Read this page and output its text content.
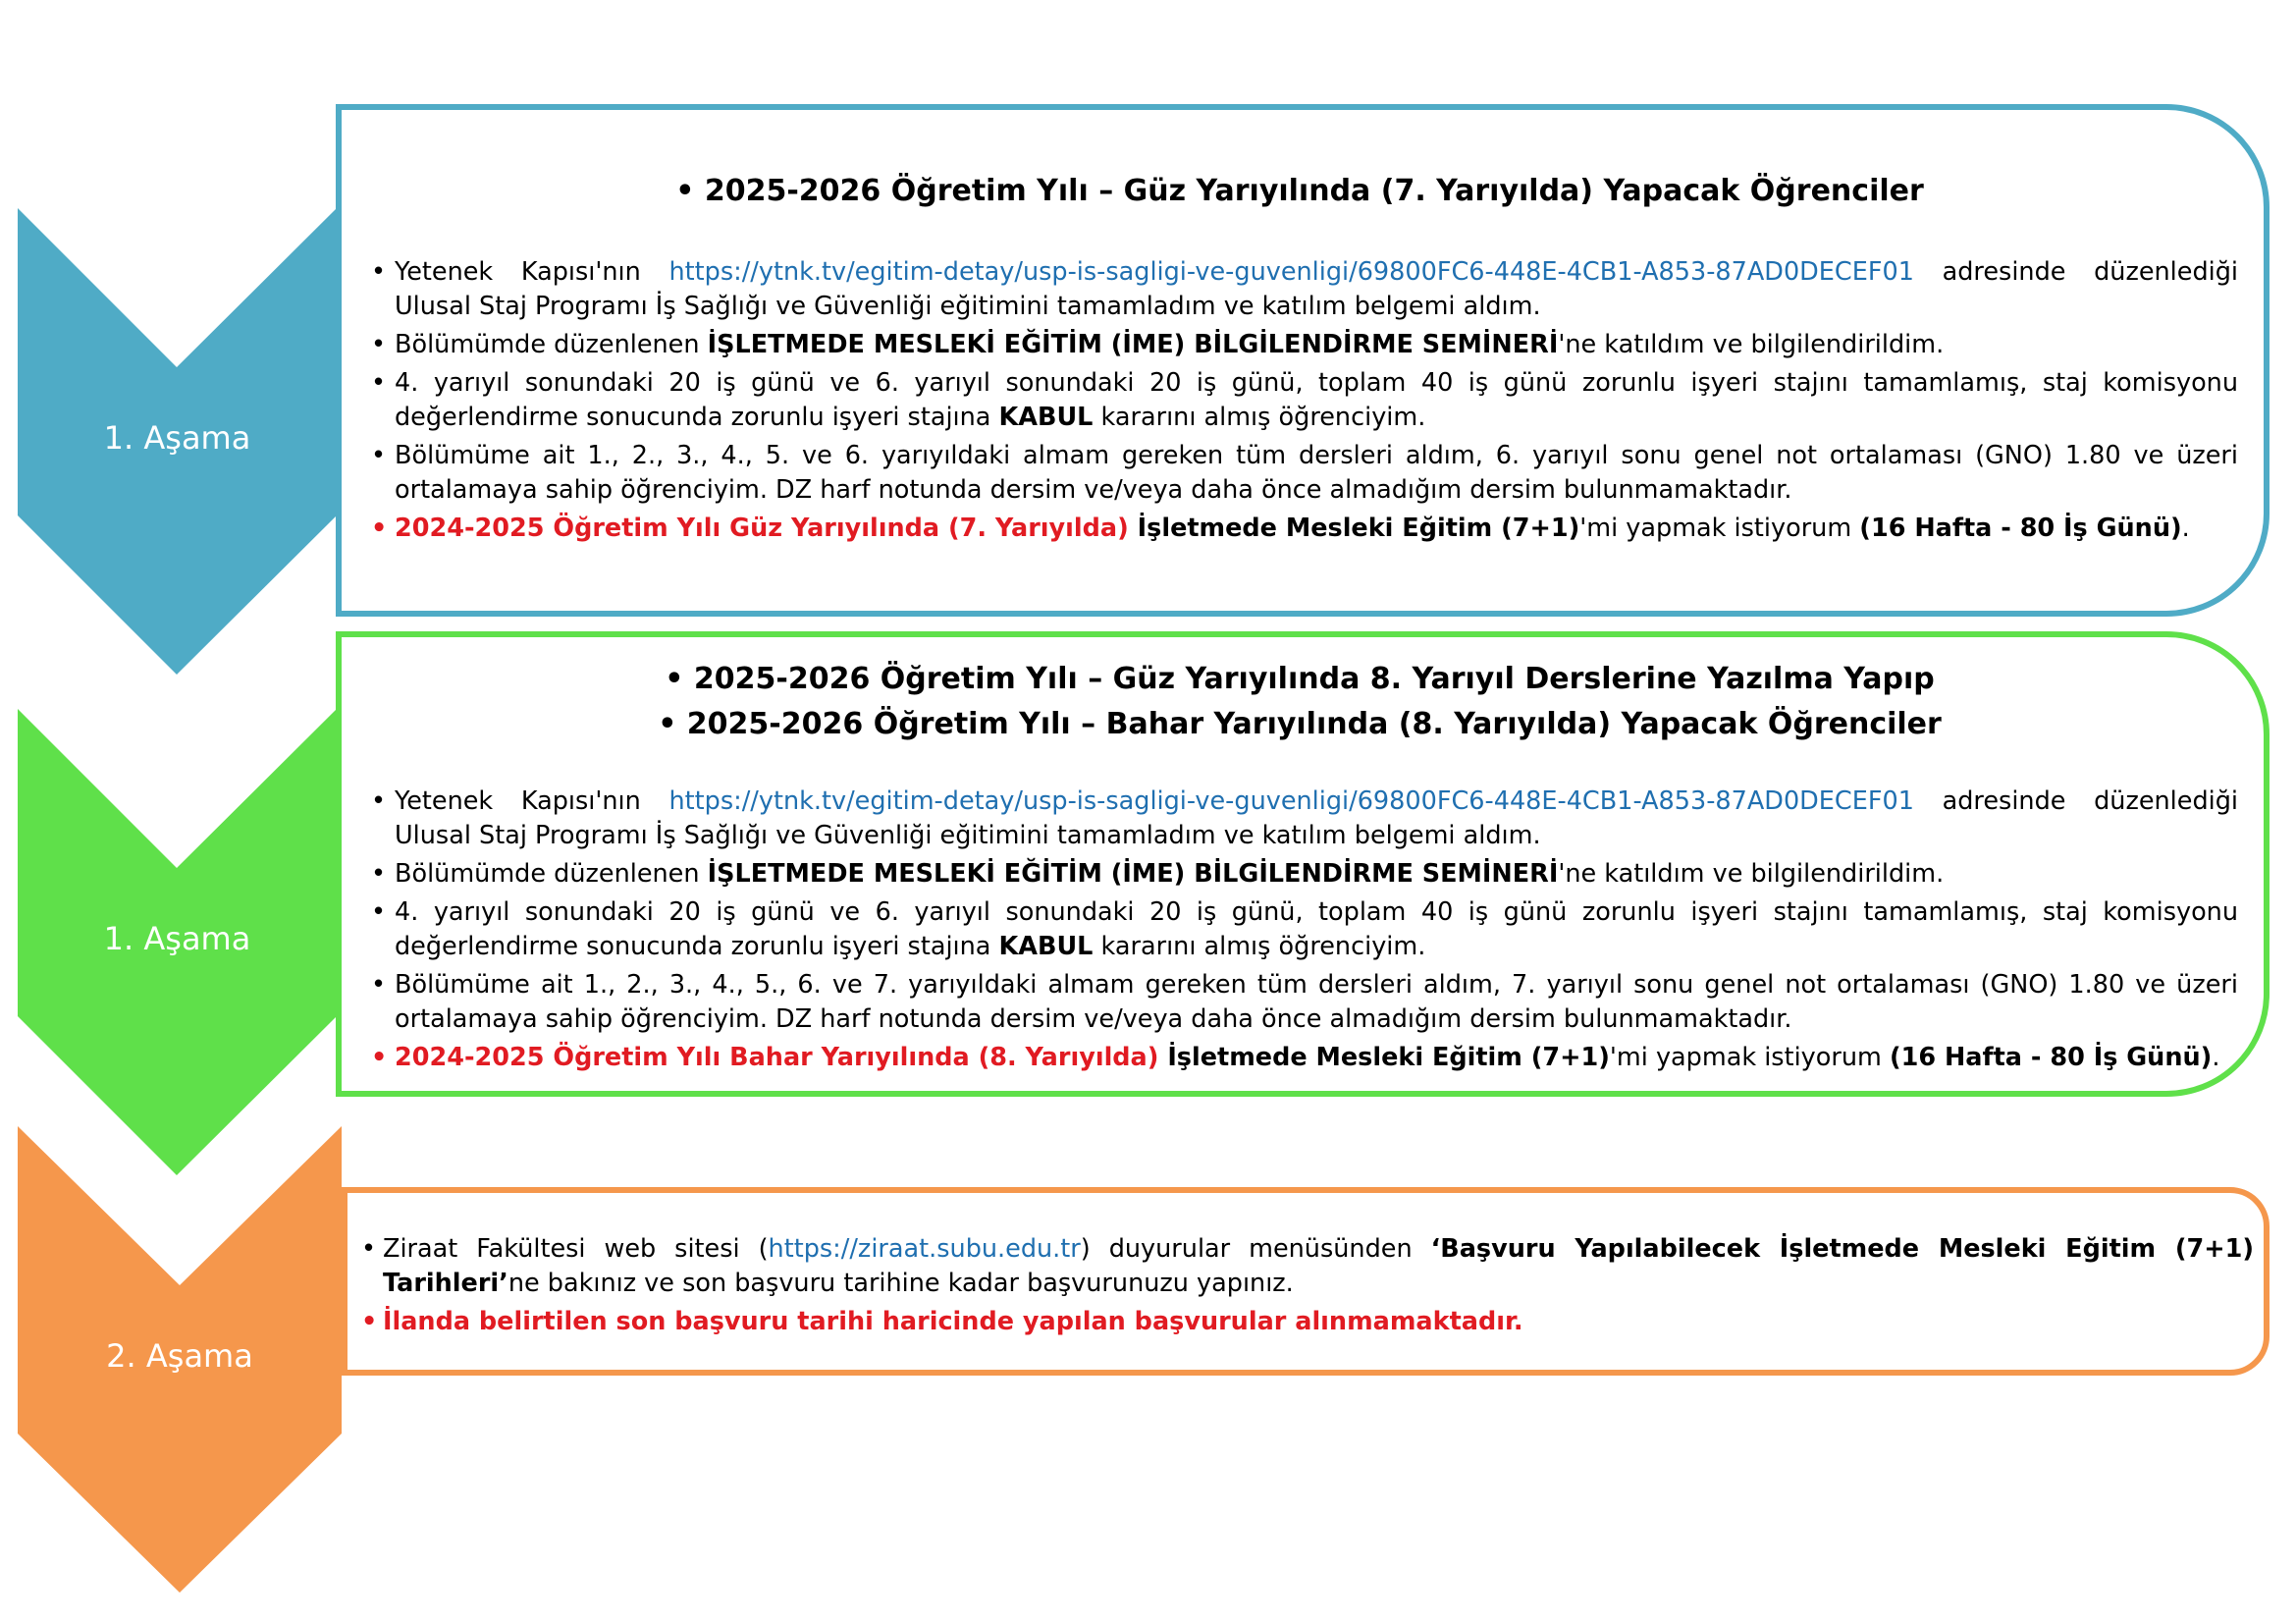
1. Aşama
1. Aşama
2. Aşama
• 2025-2026 Öğretim Yılı – Güz Yarıyılında (7. Yarıyılda) Yapacak Öğrenciler
• Yetenek Kapısı'nın https://ytnk.tv/egitim-detay/usp-is-sagligi-ve-guvenligi/69800FC6-448E-4CB1-A853-87AD0DECEF01 adresinde düzenlediği Ulusal Staj Programı İş Sağlığı ve Güvenliği eğitimini tamamladım ve katılım belgemi aldım.
• Bölümümde düzenlenen İŞLETMEDE MESLEKİ EĞİTİM (İME) BİLGİLENDİRME SEMİNERİ'ne katıldım ve bilgilendirildim.
• 4. yarıyıl sonundaki 20 iş günü ve 6. yarıyıl sonundaki 20 iş günü, toplam 40 iş günü zorunlu işyeri stajını tamamlamış, staj komisyonu değerlendirme sonucunda zorunlu işyeri stajına KABUL kararını almış öğrenciyim.
• Bölümüme ait 1., 2., 3., 4., 5. ve 6. yarıyıldaki almam gereken tüm dersleri aldım, 6. yarıyıl sonu genel not ortalaması (GNO) 1.80 ve üzeri ortalamaya sahip öğrenciyim. DZ harf notunda dersim ve/veya daha önce almadığım dersim bulunmamaktadır.
• 2024-2025 Öğretim Yılı Güz Yarıyılında (7. Yarıyılda) İşletmede Mesleki Eğitim (7+1)'mi yapmak istiyorum (16 Hafta - 80 İş Günü).
• 2025-2026 Öğretim Yılı – Güz Yarıyılında 8. Yarıyıl Derslerine Yazılma Yapıp
• 2025-2026 Öğretim Yılı – Bahar Yarıyılında (8. Yarıyılda) Yapacak Öğrenciler
• Yetenek Kapısı'nın https://ytnk.tv/egitim-detay/usp-is-sagligi-ve-guvenligi/69800FC6-448E-4CB1-A853-87AD0DECEF01 adresinde düzenlediği Ulusal Staj Programı İş Sağlığı ve Güvenliği eğitimini tamamladım ve katılım belgemi aldım.
• Bölümümde düzenlenen İŞLETMEDE MESLEKİ EĞİTİM (İME) BİLGİLENDİRME SEMİNERİ'ne katıldım ve bilgilendirildim.
• 4. yarıyıl sonundaki 20 iş günü ve 6. yarıyıl sonundaki 20 iş günü, toplam 40 iş günü zorunlu işyeri stajını tamamlamış, staj komisyonu değerlendirme sonucunda zorunlu işyeri stajına KABUL kararını almış öğrenciyim.
• Bölümüme ait 1., 2., 3., 4., 5., 6. ve 7. yarıyıldaki almam gereken tüm dersleri aldım, 7. yarıyıl sonu genel not ortalaması (GNO) 1.80 ve üzeri ortalamaya sahip öğrenciyim. DZ harf notunda dersim ve/veya daha önce almadığım dersim bulunmamaktadır.
• 2024-2025 Öğretim Yılı Bahar Yarıyılında (8. Yarıyılda) İşletmede Mesleki Eğitim (7+1)'mi yapmak istiyorum (16 Hafta - 80 İş Günü).
• Ziraat Fakültesi web sitesi (https://ziraat.subu.edu.tr) duyurular menüsünden ‘Başvuru Yapılabilecek İşletmede Mesleki Eğitim (7+1) Tarihleri’ne bakınız ve son başvuru tarihine kadar başvurunuzu yapınız.
• İlanda belirtilen son başvuru tarihi haricinde yapılan başvurular alınmamaktadır.
